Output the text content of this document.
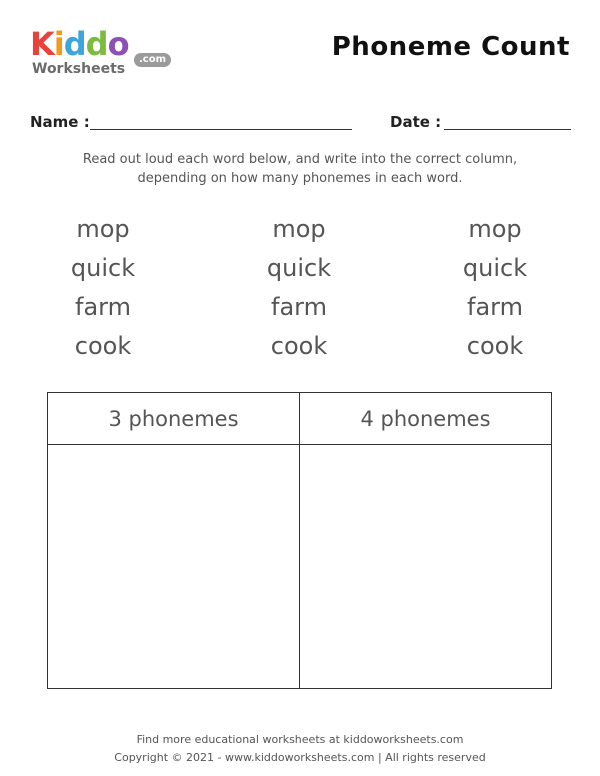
Kiddo
Worksheets
.com	Phoneme Count
Name :	Date :
Read out loud each word below, and write into the correct column,
depending on how many phonemes in each word.
mop
quick
farm
cook
mop
quick
farm
cook
mop
quick
farm
cook
3 phonemes	4 phonemes
Find more educational worksheets at kiddoworksheets.com
Copyright © 2021 - www.kiddoworksheets.com | All rights reserved
